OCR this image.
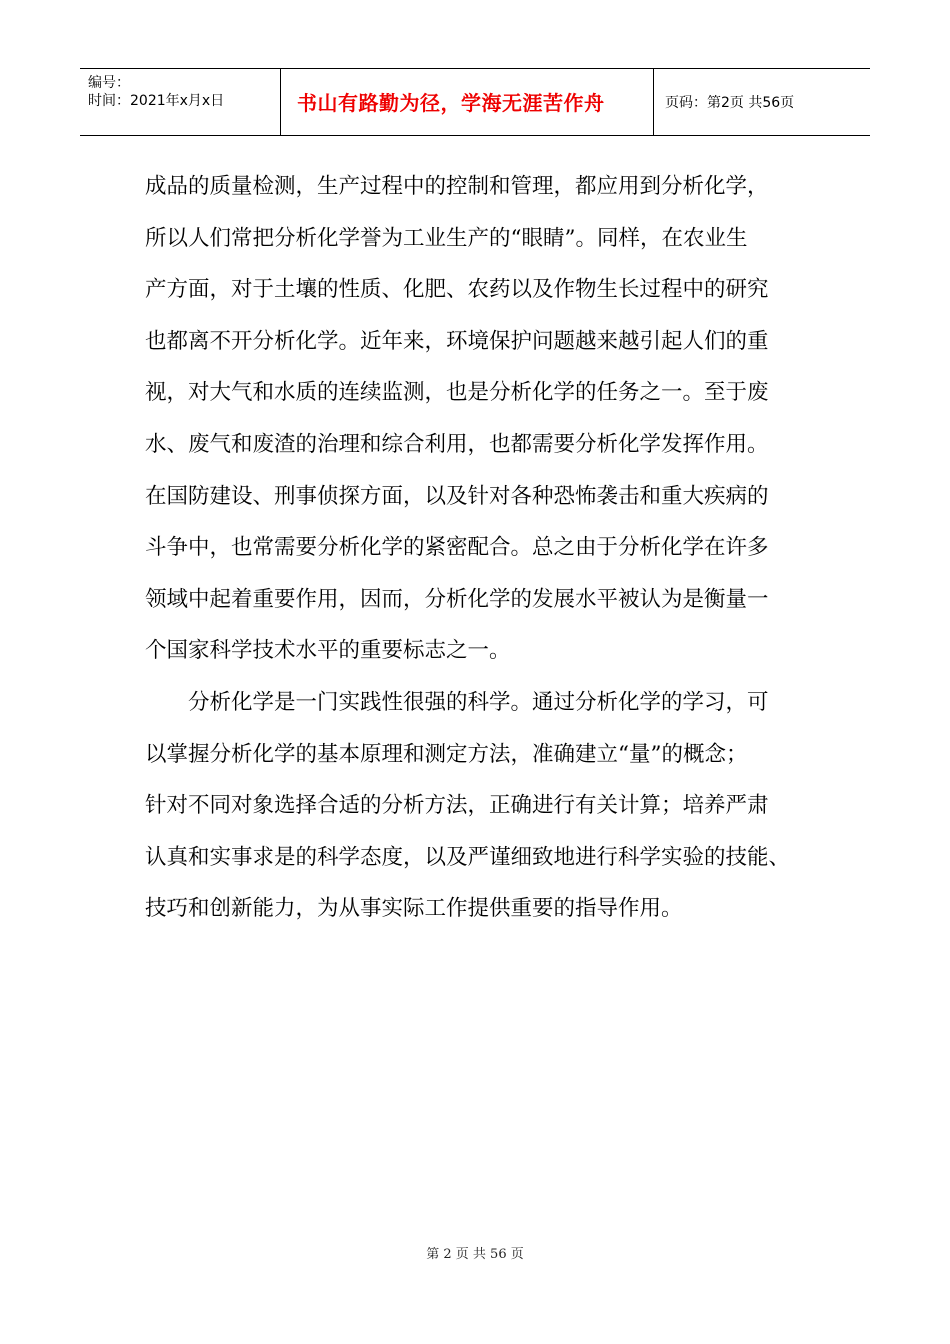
编号：
时间：2021年x月x日	书山有路勤为径，学海无涯苦作舟	页码：第2页 共56页
成品的质量检测，生产过程中的控制和管理，都应用到分析化学，
所以人们常把分析化学誉为工业生产的“眼睛”。同样，在农业生
产方面，对于土壤的性质、化肥、农药以及作物生长过程中的研究
也都离不开分析化学。近年来，环境保护问题越来越引起人们的重
视，对大气和水质的连续监测，也是分析化学的任务之一。至于废
水、废气和废渣的治理和综合利用，也都需要分析化学发挥作用。
在国防建设、刑事侦探方面，以及针对各种恐怖袭击和重大疾病的
斗争中，也常需要分析化学的紧密配合。总之由于分析化学在许多
领域中起着重要作用，因而，分析化学的发展水平被认为是衡量一
个国家科学技术水平的重要标志之一。
分析化学是一门实践性很强的科学。通过分析化学的学习，可
以掌握分析化学的基本原理和测定方法，准确建立“量”的概念；
针对不同对象选择合适的分析方法，正确进行有关计算；培养严肃
认真和实事求是的科学态度，以及严谨细致地进行科学实验的技能、
技巧和创新能力，为从事实际工作提供重要的指导作用。
第 2 页 共 56 页
